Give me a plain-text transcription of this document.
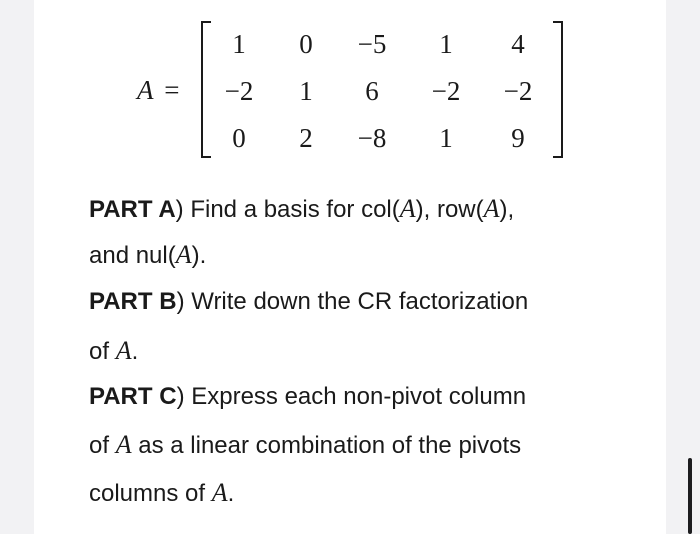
A =
1	0	−5	1	4
−2	1	6	−2	−2
0	2	−8	1	9
PART A) Find a basis for col(A), row(A),
and nul(A).
PART B) Write down the CR factorization
of A.
PART C) Express each non-pivot column
of A as a linear combination of the pivots
columns of A.
